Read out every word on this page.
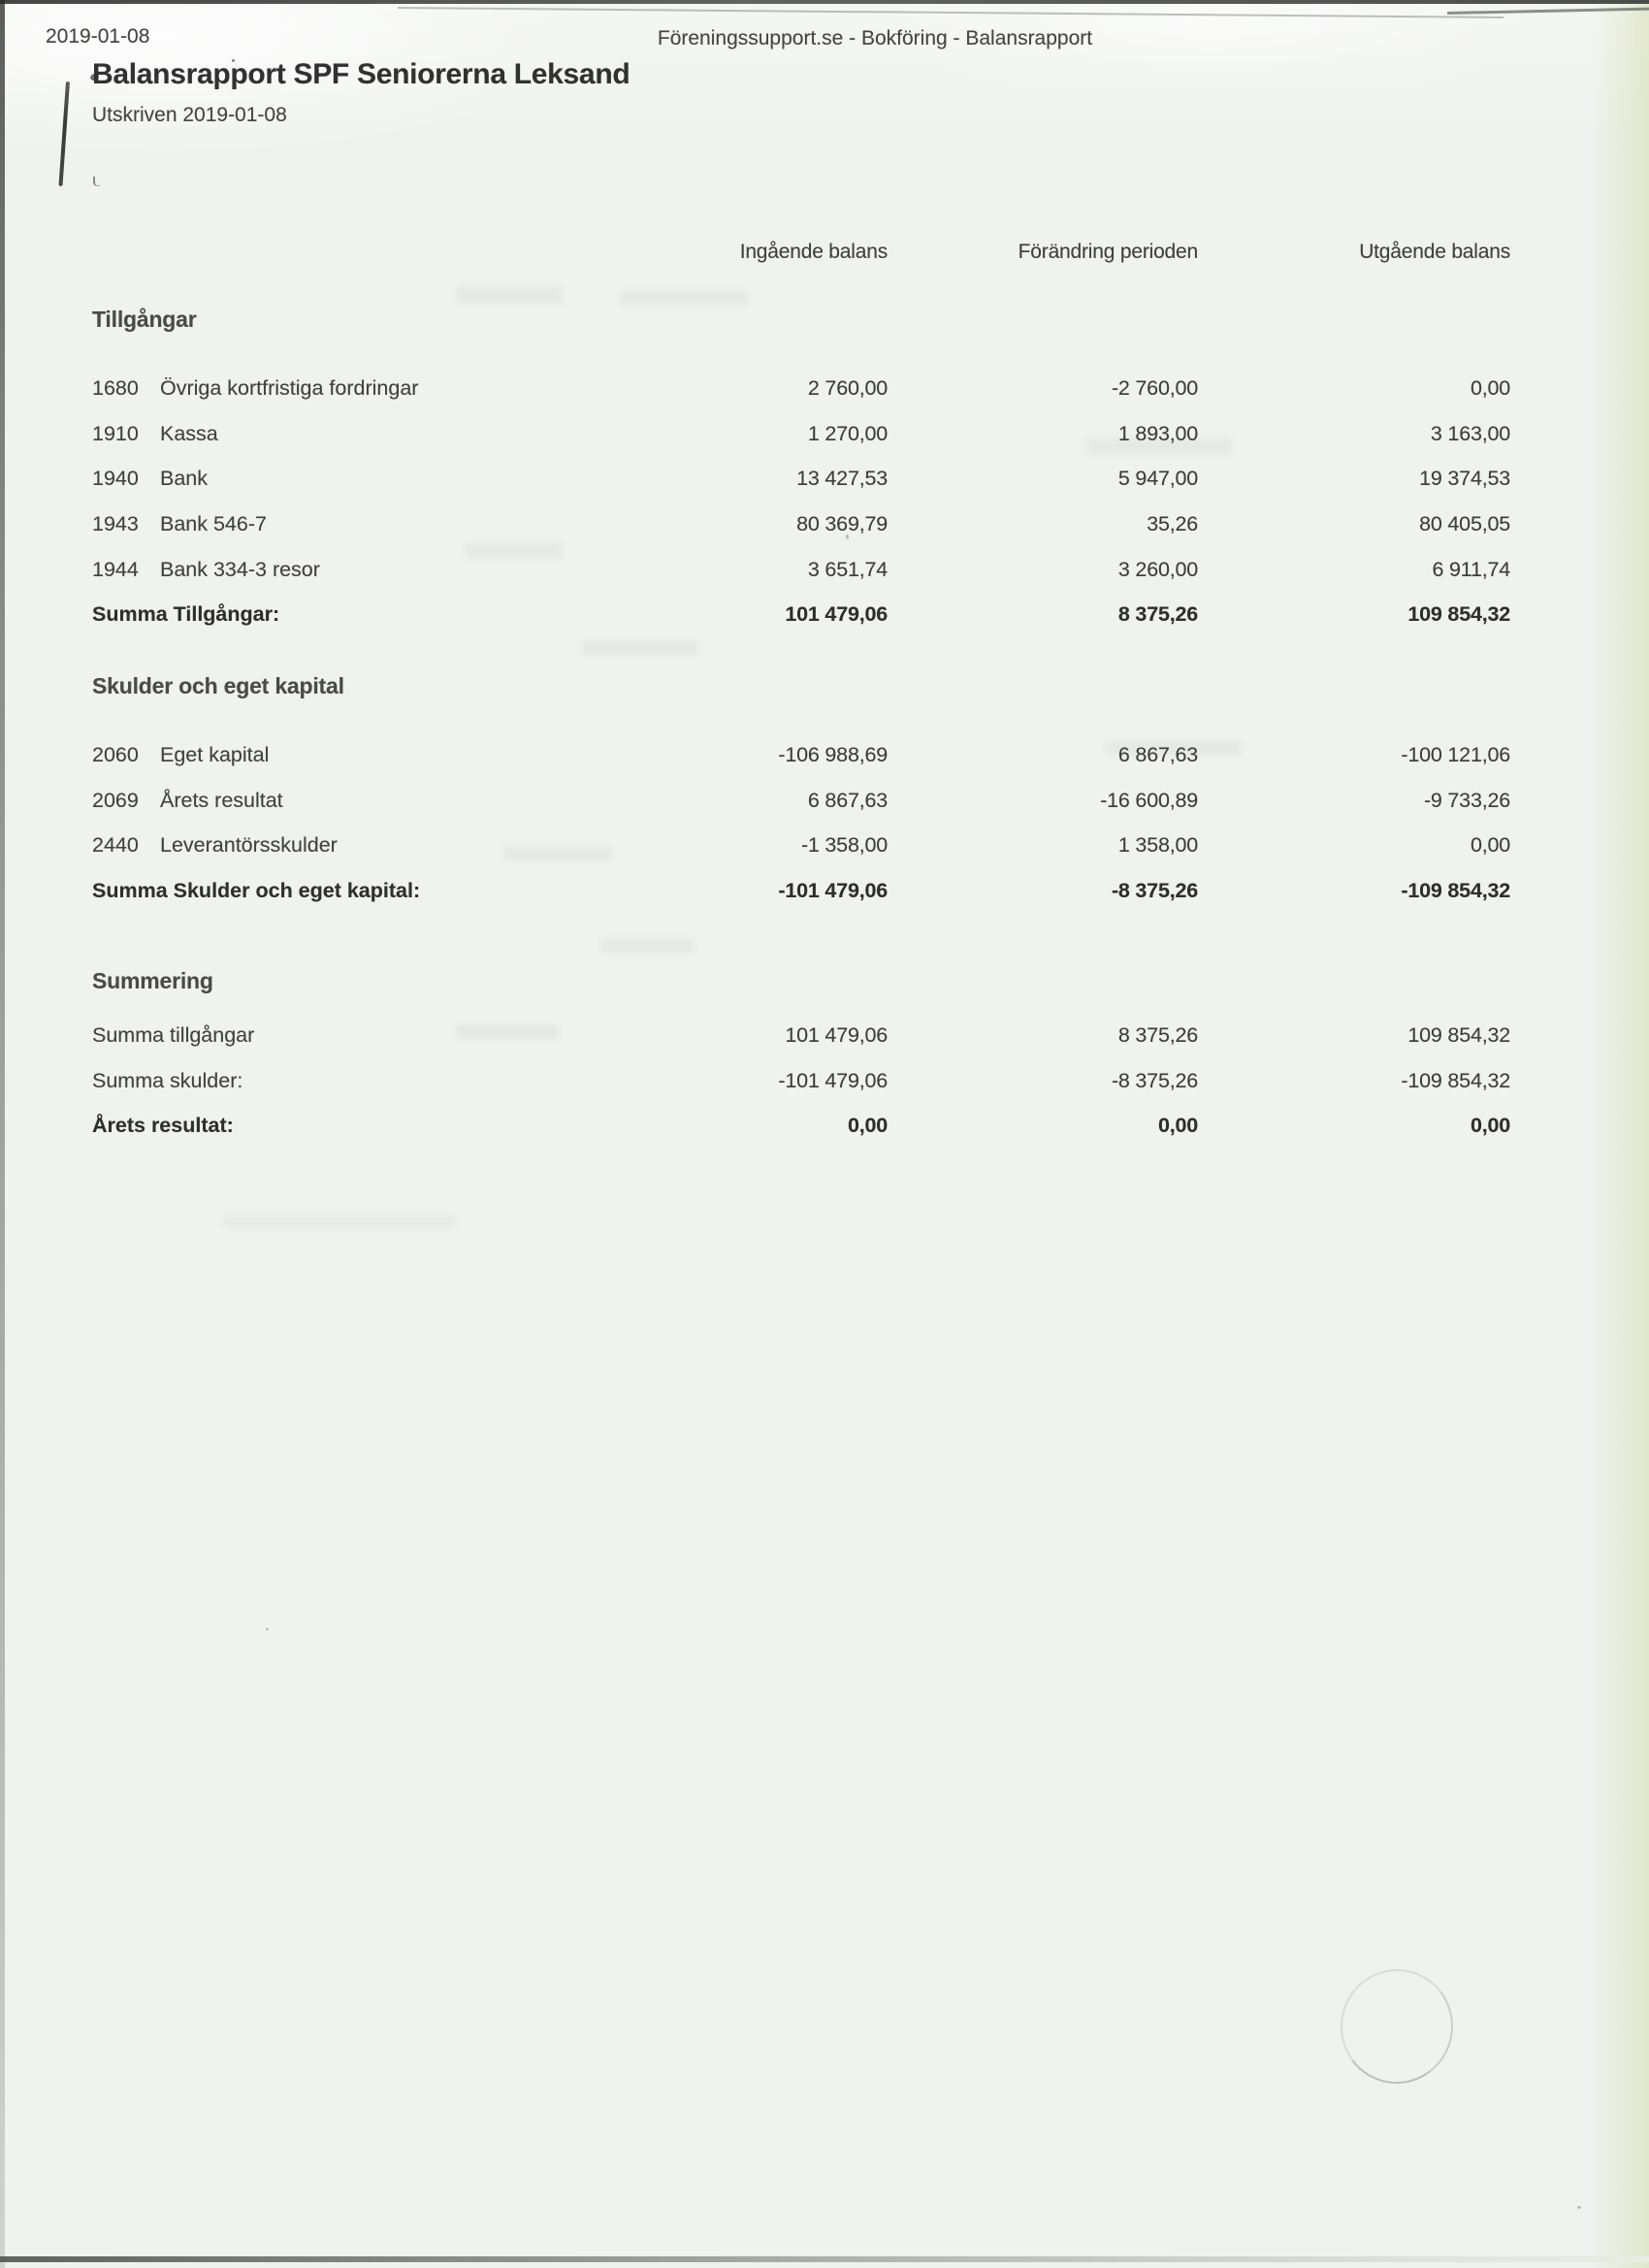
2019-01-08	Föreningssupport.se - Bokföring - Balansrapport
Balansrapport SPF Seniorerna Leksand
Utskriven 2019-01-08
Ingående balans	Förändring perioden	Utgående balans
Tillgångar
1680	Övriga kortfristiga fordringar	2 760,00	-2 760,00	0,00
1910	Kassa	1 270,00	1 893,00	3 163,00
1940	Bank	13 427,53	5 947,00	19 374,53
1943	Bank 546-7	80 369,79	35,26	80 405,05
1944	Bank 334-3 resor	3 651,74	3 260,00	6 911,74
Summa Tillgångar:	101 479,06	8 375,26	109 854,32
Skulder och eget kapital
2060	Eget kapital	-106 988,69	6 867,63	-100 121,06
2069	Årets resultat	6 867,63	-16 600,89	-9 733,26
2440	Leverantörsskulder	-1 358,00	1 358,00	0,00
Summa Skulder och eget kapital:	-101 479,06	-8 375,26	-109 854,32
Summering
Summa tillgångar	101 479,06	8 375,26	109 854,32
Summa skulder:	-101 479,06	-8 375,26	-109 854,32
Årets resultat:	0,00	0,00	0,00
